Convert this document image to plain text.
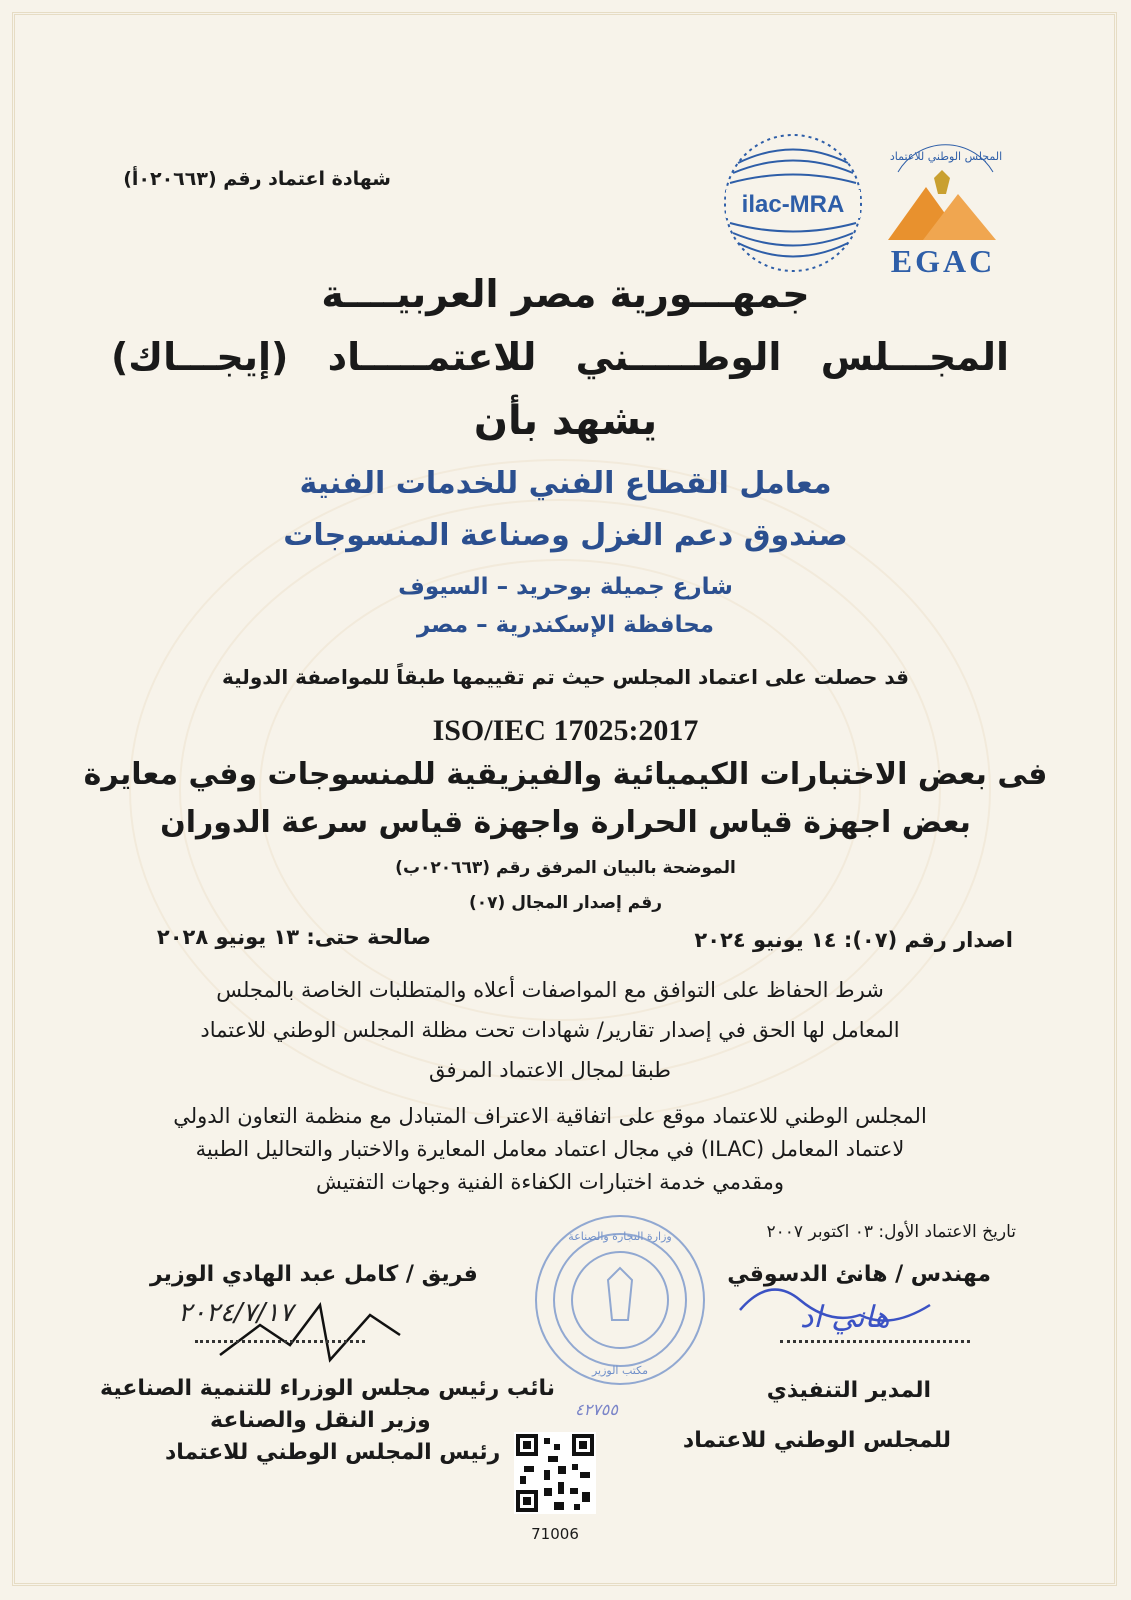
شهادة اعتماد رقم (٠٢٠٦٦٣أ)
ilac-MRA
المجلس الوطني للاعتماد
EGAC
جمهـــورية مصر العربيــــة
المجـــلس الوطـــــني للاعتمـــــاد (إيجـــاك)
يشهد بأن
معامل القطاع الفني للخدمات الفنية
صندوق دعم الغزل وصناعة المنسوجات
شارع جميلة بوحريد – السيوف
محافظة الإسكندرية – مصر
قد حصلت على اعتماد المجلس حيث تم تقييمها طبقاً للمواصفة الدولية
ISO/IEC 17025:2017
فى بعض الاختبارات الكيميائية والفيزيقية للمنسوجات وفي معايرة
بعض اجهزة قياس الحرارة واجهزة قياس سرعة الدوران
الموضحة بالبيان المرفق رقم (٠٢٠٦٦٣ب)
رقم إصدار المجال (٠٧)
اصدار رقم (٠٧): ١٤ يونيو ٢٠٢٤
صالحة حتى: ١٣ يونيو ٢٠٢٨
شرط الحفاظ على التوافق مع المواصفات أعلاه والمتطلبات الخاصة بالمجلس
المعامل لها الحق في إصدار تقارير/ شهادات تحت مظلة المجلس الوطني للاعتماد
طبقا لمجال الاعتماد المرفق
المجلس الوطني للاعتماد موقع على اتفاقية الاعتراف المتبادل مع منظمة التعاون الدولي
لاعتماد المعامل (ILAC) في مجال اعتماد معامل المعايرة والاختبار والتحاليل الطبية
ومقدمي خدمة اختبارات الكفاءة الفنية وجهات التفتيش
وزارة التجارة والصناعة
مكتب الوزير
٤٢٧٥٥
تاريخ الاعتماد الأول: ٠٣ اكتوبر ٢٠٠٧
مهندس / هانئ الدسوقي
هاني اد
المدير التنفيذي
للمجلس الوطني للاعتماد
فريق / كامل عبد الهادي الوزير
٢٠٢٤/٧/١٧
نائب رئيس مجلس الوزراء للتنمية الصناعية
وزير النقل والصناعة
رئيس المجلس الوطني للاعتماد
71006
